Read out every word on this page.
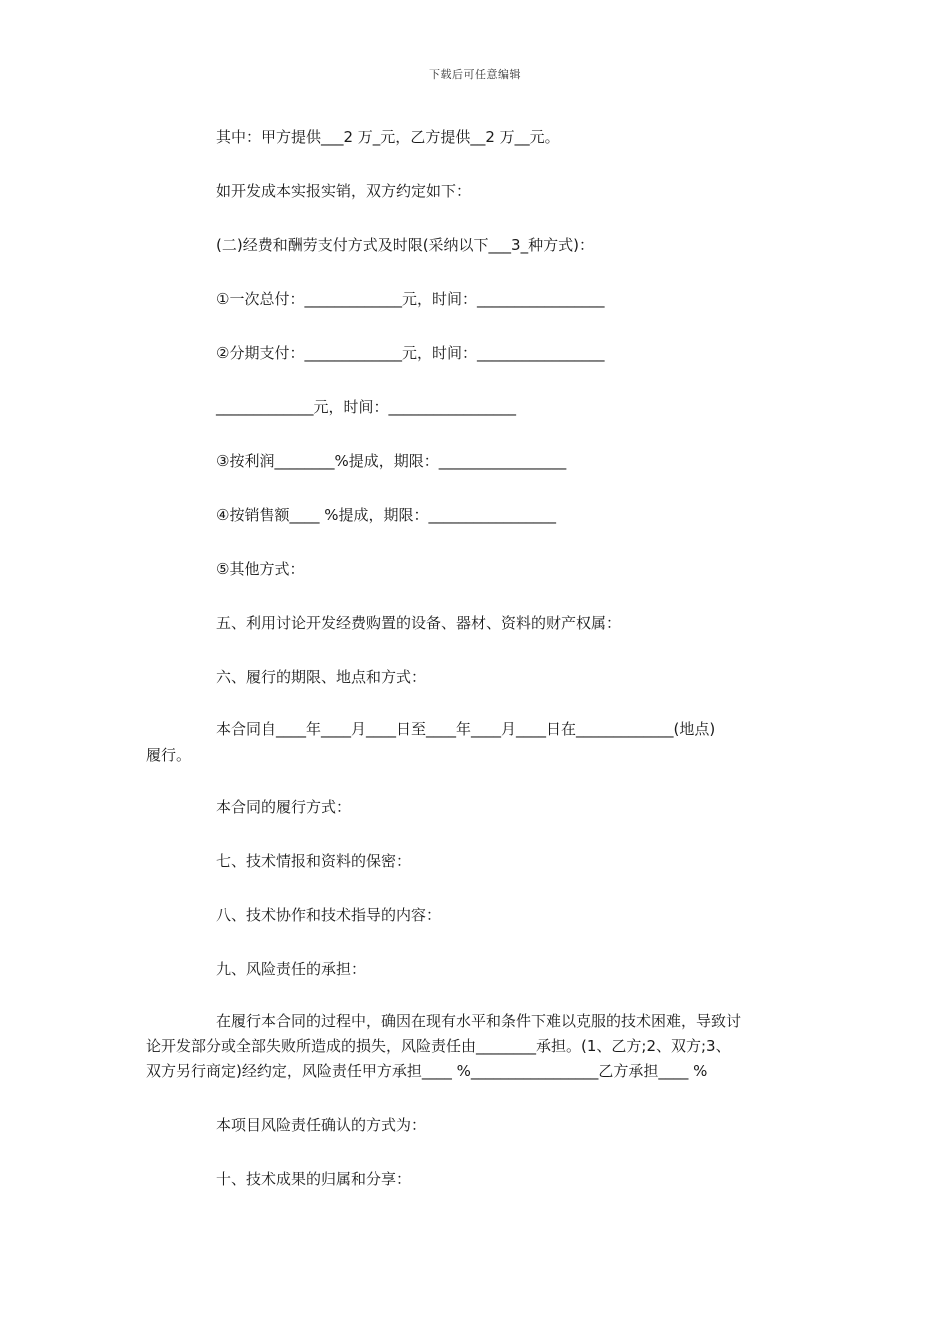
下载后可任意编辑
其中：甲方提供___2 万_元，乙方提供__2 万__元。
如开发成本实报实销，双方约定如下：
(二)经费和酬劳支付方式及时限(采纳以下___3_种方式)：
①一次总付：_____________元，时间：_________________
②分期支付：_____________元，时间：_________________
_____________元，时间：_________________
③按利润________%提成，期限：_________________
④按销售额____ %提成，期限：_________________
⑤其他方式：
五、利用讨论开发经费购置的设备、器材、资料的财产权属：
六、履行的期限、地点和方式：
本合同自____年____月____日至____年____月____日在_____________(地点)
履行。
本合同的履行方式：
七、技术情报和资料的保密：
八、技术协作和技术指导的内容：
九、风险责任的承担：
在履行本合同的过程中，确因在现有水平和条件下难以克服的技术困难，导致讨
论开发部分或全部失败所造成的损失，风险责任由________承担。(1、乙方;2、双方;3、
双方另行商定)经约定，风险责任甲方承担____ %_________________乙方承担____ %
本项目风险责任确认的方式为：
十、技术成果的归属和分享：
